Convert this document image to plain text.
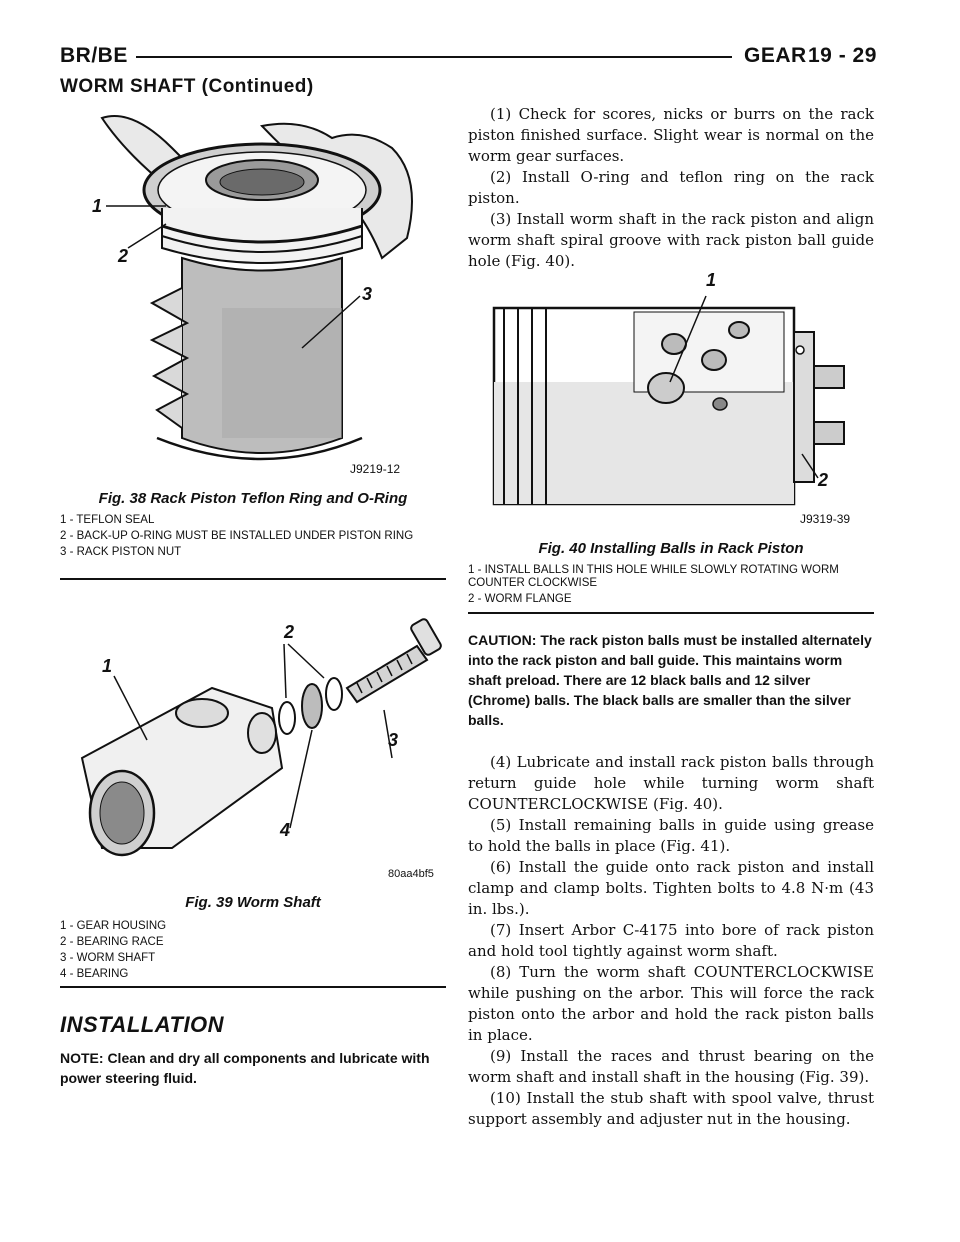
BR/BE	GEAR 19 - 29
WORM SHAFT (Continued)
1
2
3
J9219-12
Fig. 38 Rack Piston Teflon Ring and O-Ring

1 - TEFLON SEAL

2 - BACK-UP O-RING MUST BE INSTALLED UNDER PISTON RING

3 - RACK PISTON NUT

1
2
3
4
80aa4bf5
Fig. 39 Worm Shaft

1 - GEAR HOUSING

2 - BEARING RACE

3 - WORM SHAFT

4 - BEARING

INSTALLATION

NOTE: Clean and dry all components and lubricate with power steering fluid.

(1) Check for scores, nicks or burrs on the rack piston finished surface. Slight wear is normal on the worm gear surfaces.

(2) Install O-ring and teflon ring on the rack piston.

(3) Install worm shaft in the rack piston and align worm shaft spiral groove with rack piston ball guide hole (Fig. 40).

1
2
J9319-39
Fig. 40 Installing Balls in Rack Piston

1 - INSTALL BALLS IN THIS HOLE WHILE SLOWLY ROTATING WORM COUNTER CLOCKWISE

2 - WORM FLANGE

CAUTION: The rack piston balls must be installed alternately into the rack piston and ball guide. This maintains worm shaft preload. There are 12 black balls and 12 silver (Chrome) balls. The black balls are smaller than the silver balls.

(4) Lubricate and install rack piston balls through return guide hole while turning worm shaft COUNTERCLOCKWISE (Fig. 40).

(5) Install remaining balls in guide using grease to hold the balls in place (Fig. 41).

(6) Install the guide onto rack piston and install clamp and clamp bolts. Tighten bolts to 4.8 N·m (43 in. lbs.).

(7) Insert Arbor C-4175 into bore of rack piston and hold tool tightly against worm shaft.

(8) Turn the worm shaft COUNTERCLOCKWISE while pushing on the arbor. This will force the rack piston onto the arbor and hold the rack piston balls in place.

(9) Install the races and thrust bearing on the worm shaft and install shaft in the housing (Fig. 39).

(10) Install the stub shaft with spool valve, thrust support assembly and adjuster nut in the housing.
